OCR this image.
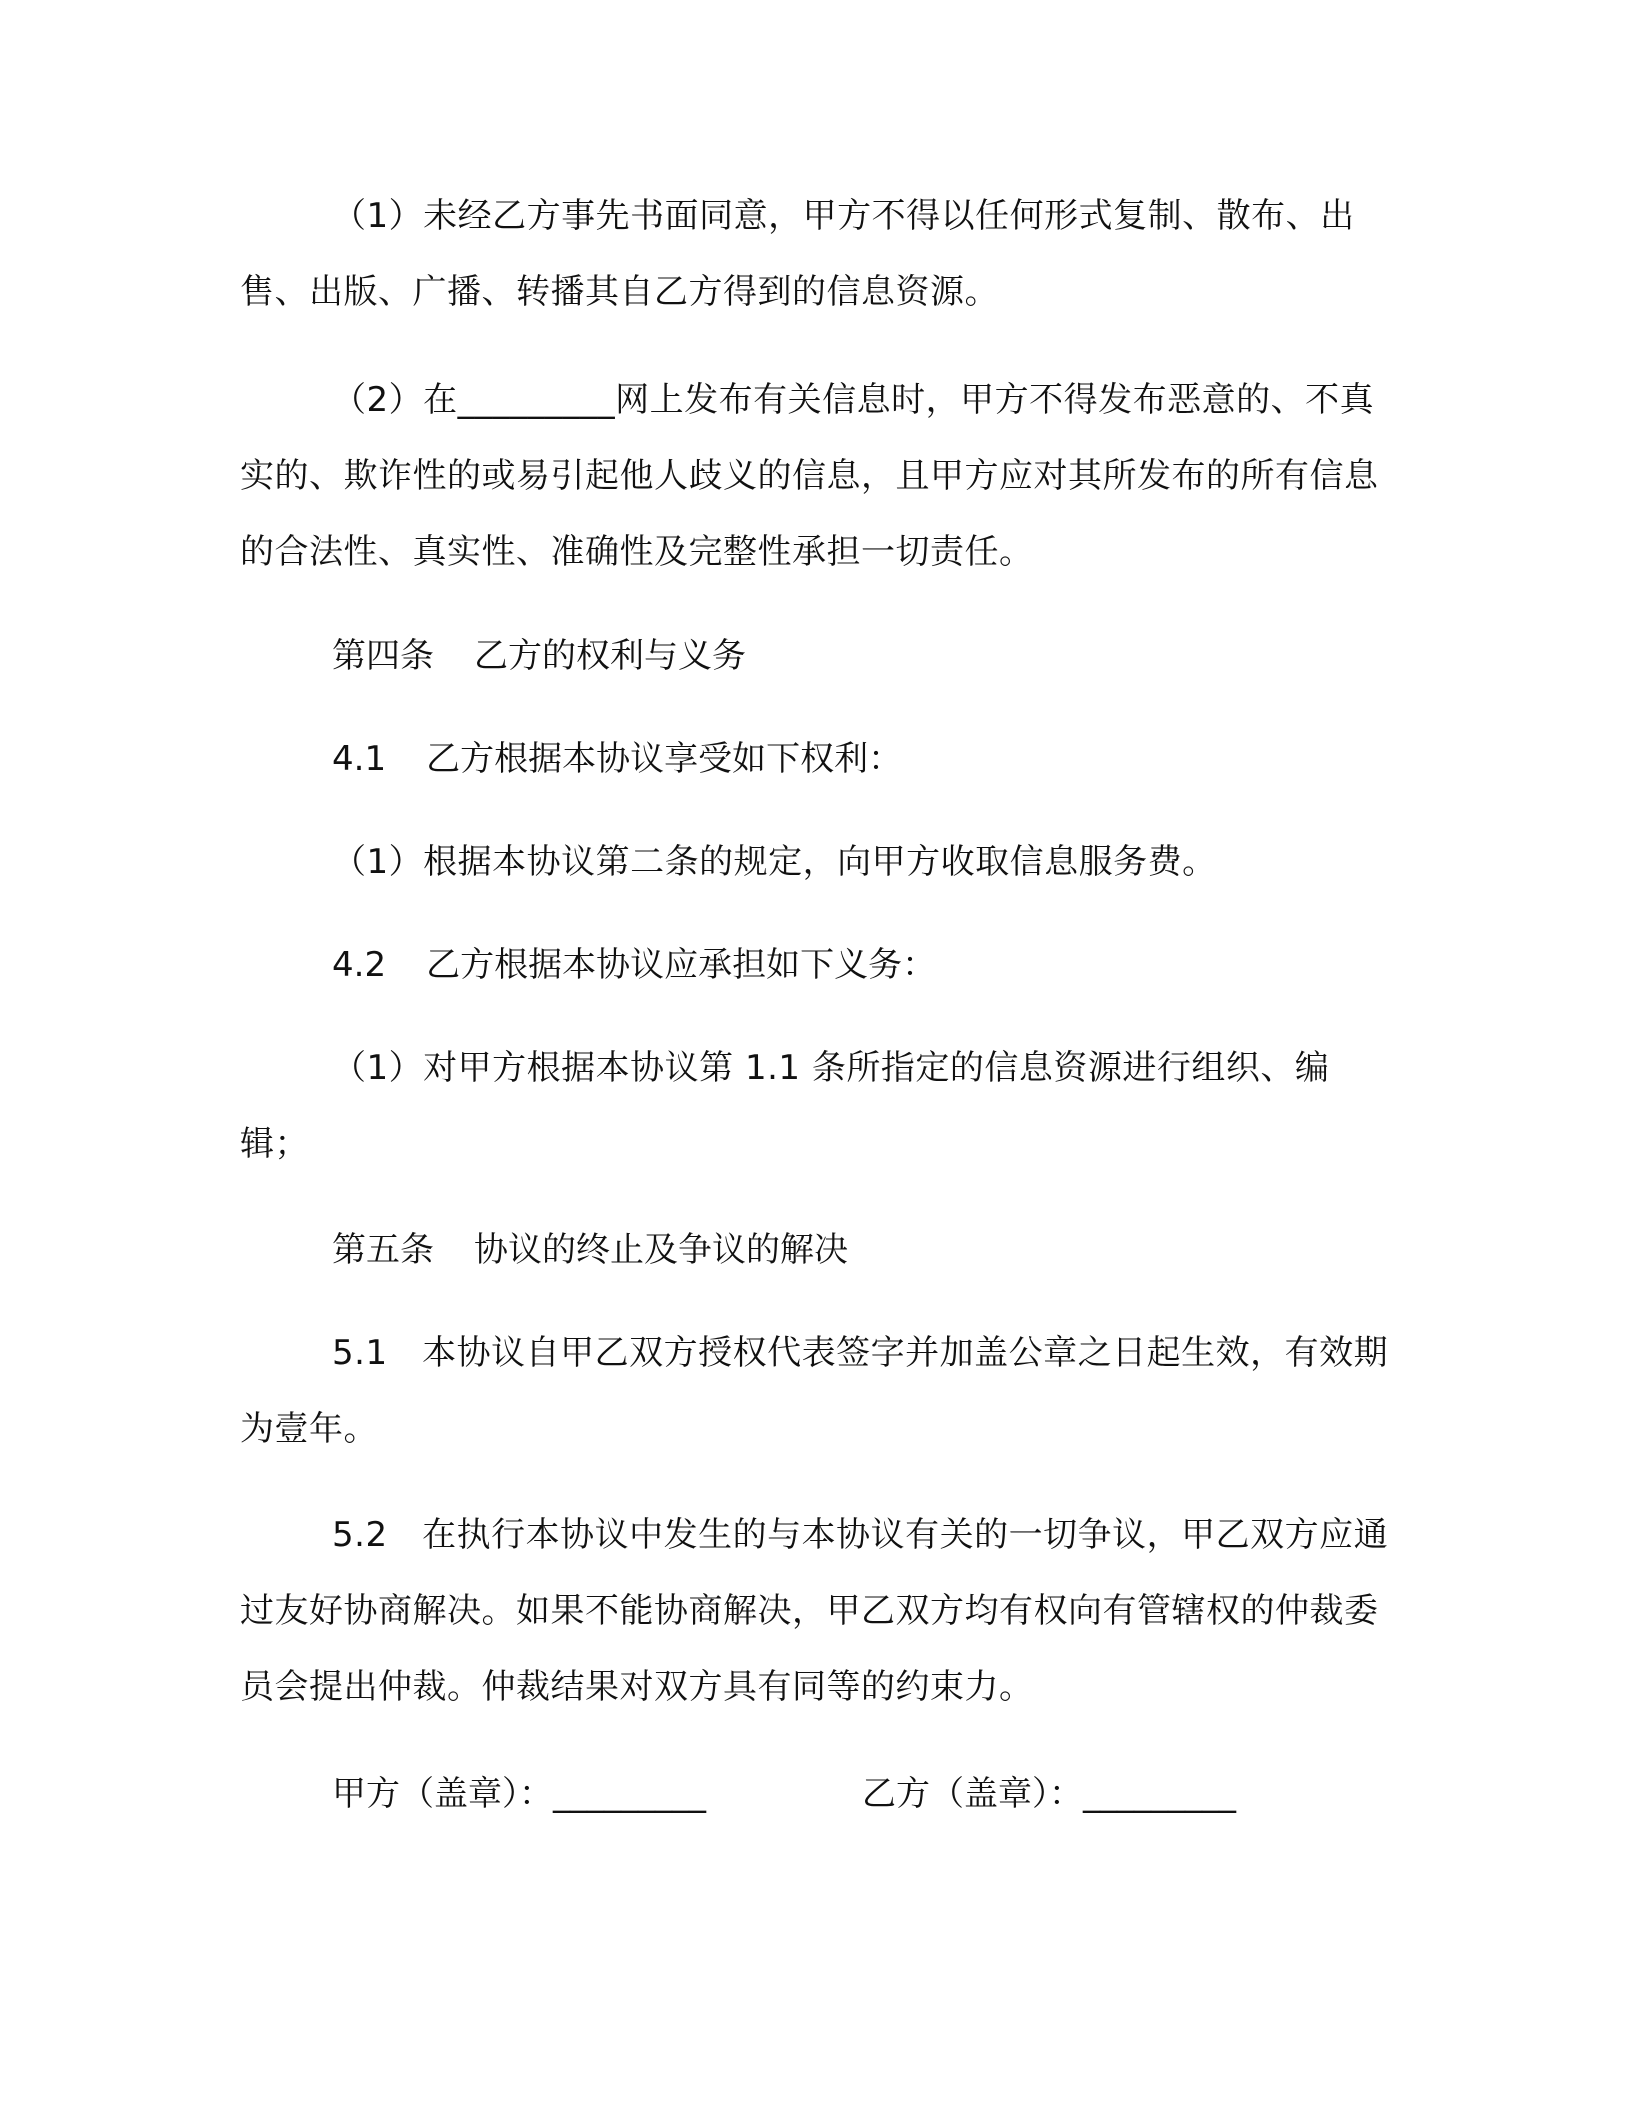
（1）未经乙方事先书面同意，甲方不得以任何形式复制、散布、出售、出版、广播、转播其自乙方得到的信息资源。

（2）在_________网上发布有关信息时，甲方不得发布恶意的、不真实的、欺诈性的或易引起他人歧义的信息，且甲方应对其所发布的所有信息的合法性、真实性、准确性及完整性承担一切责任。

第四条 乙方的权利与义务

4.1 乙方根据本协议享受如下权利：

（1）根据本协议第二条的规定，向甲方收取信息服务费。

4.2 乙方根据本协议应承担如下义务：

（1）对甲方根据本协议第 1.1 条所指定的信息资源进行组织、编辑；

第五条 协议的终止及争议的解决

5.1　本协议自甲乙双方授权代表签字并加盖公章之日起生效，有效期为壹年。

5.2　在执行本协议中发生的与本协议有关的一切争议，甲乙双方应通过友好协商解决。如果不能协商解决，甲乙双方均有权向有管辖权的仲裁委员会提出仲裁。仲裁结果对双方具有同等的约束力。

甲方（盖章）：_________	乙方（盖章）：_________
